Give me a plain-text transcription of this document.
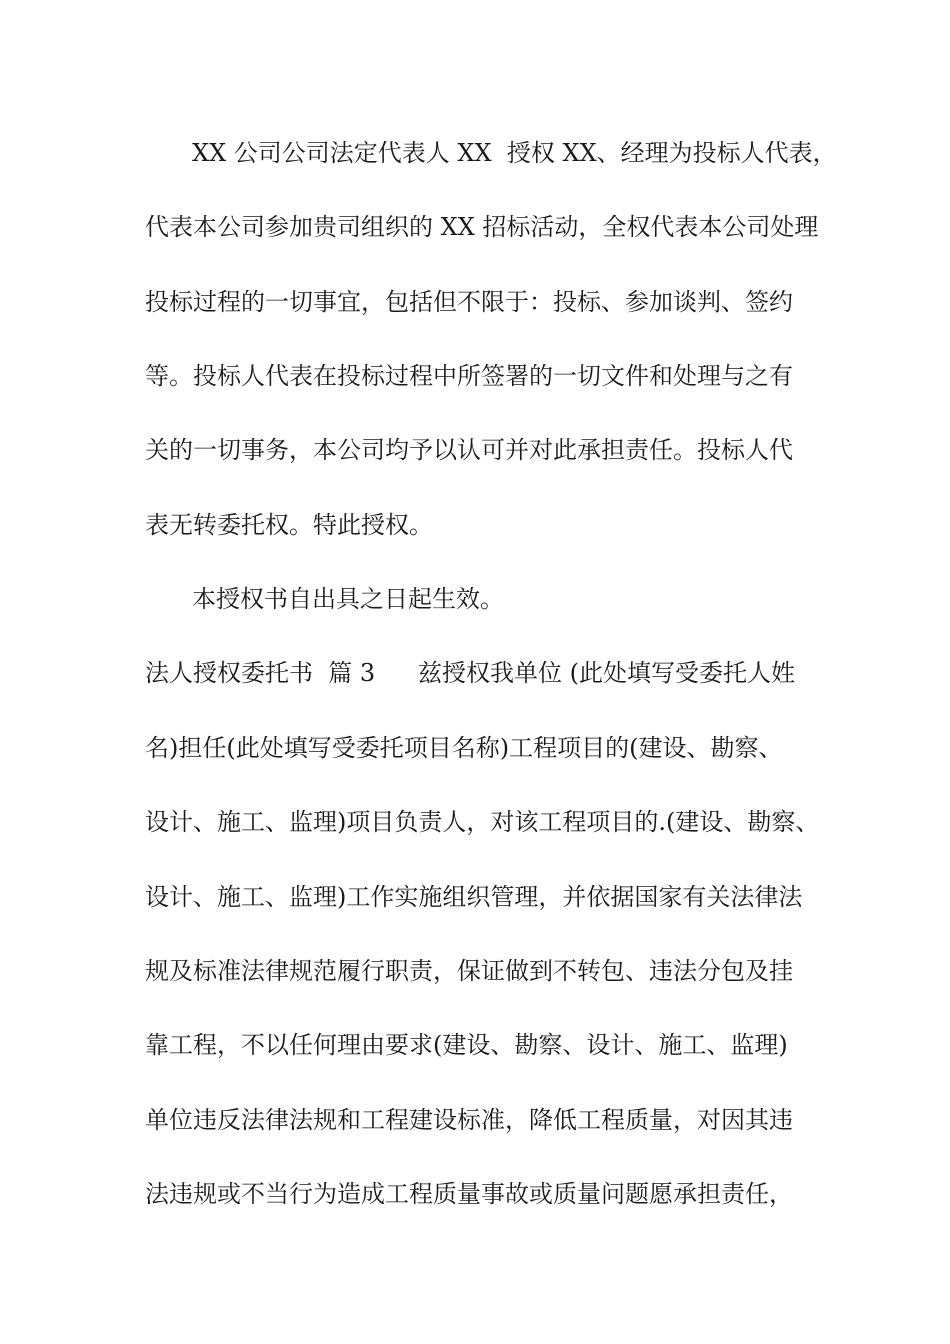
XX 公司公司法定代表人 XX  授权 XX、经理为投标人代表，
代表本公司参加贵司组织的 XX 招标活动，全权代表本公司处理
投标过程的一切事宜，包括但不限于：投标、参加谈判、签约
等。投标人代表在投标过程中所签署的一切文件和处理与之有
关的一切事务，本公司均予以认可并对此承担责任。投标人代
表无转委托权。特此授权。
本授权书自出具之日起生效。
法人授权委托书  篇 3	兹授权我单位 (此处填写受委托人姓
名)担任(此处填写受委托项目名称)工程项目的(建设、勘察、
设计、施工、监理)项目负责人，对该工程项目的.(建设、勘察、
设计、施工、监理)工作实施组织管理，并依据国家有关法律法
规及标准法律规范履行职责，保证做到不转包、违法分包及挂
靠工程，不以任何理由要求(建设、勘察、设计、施工、监理)
单位违反法律法规和工程建设标准，降低工程质量，对因其违
法违规或不当行为造成工程质量事故或质量问题愿承担责任，
